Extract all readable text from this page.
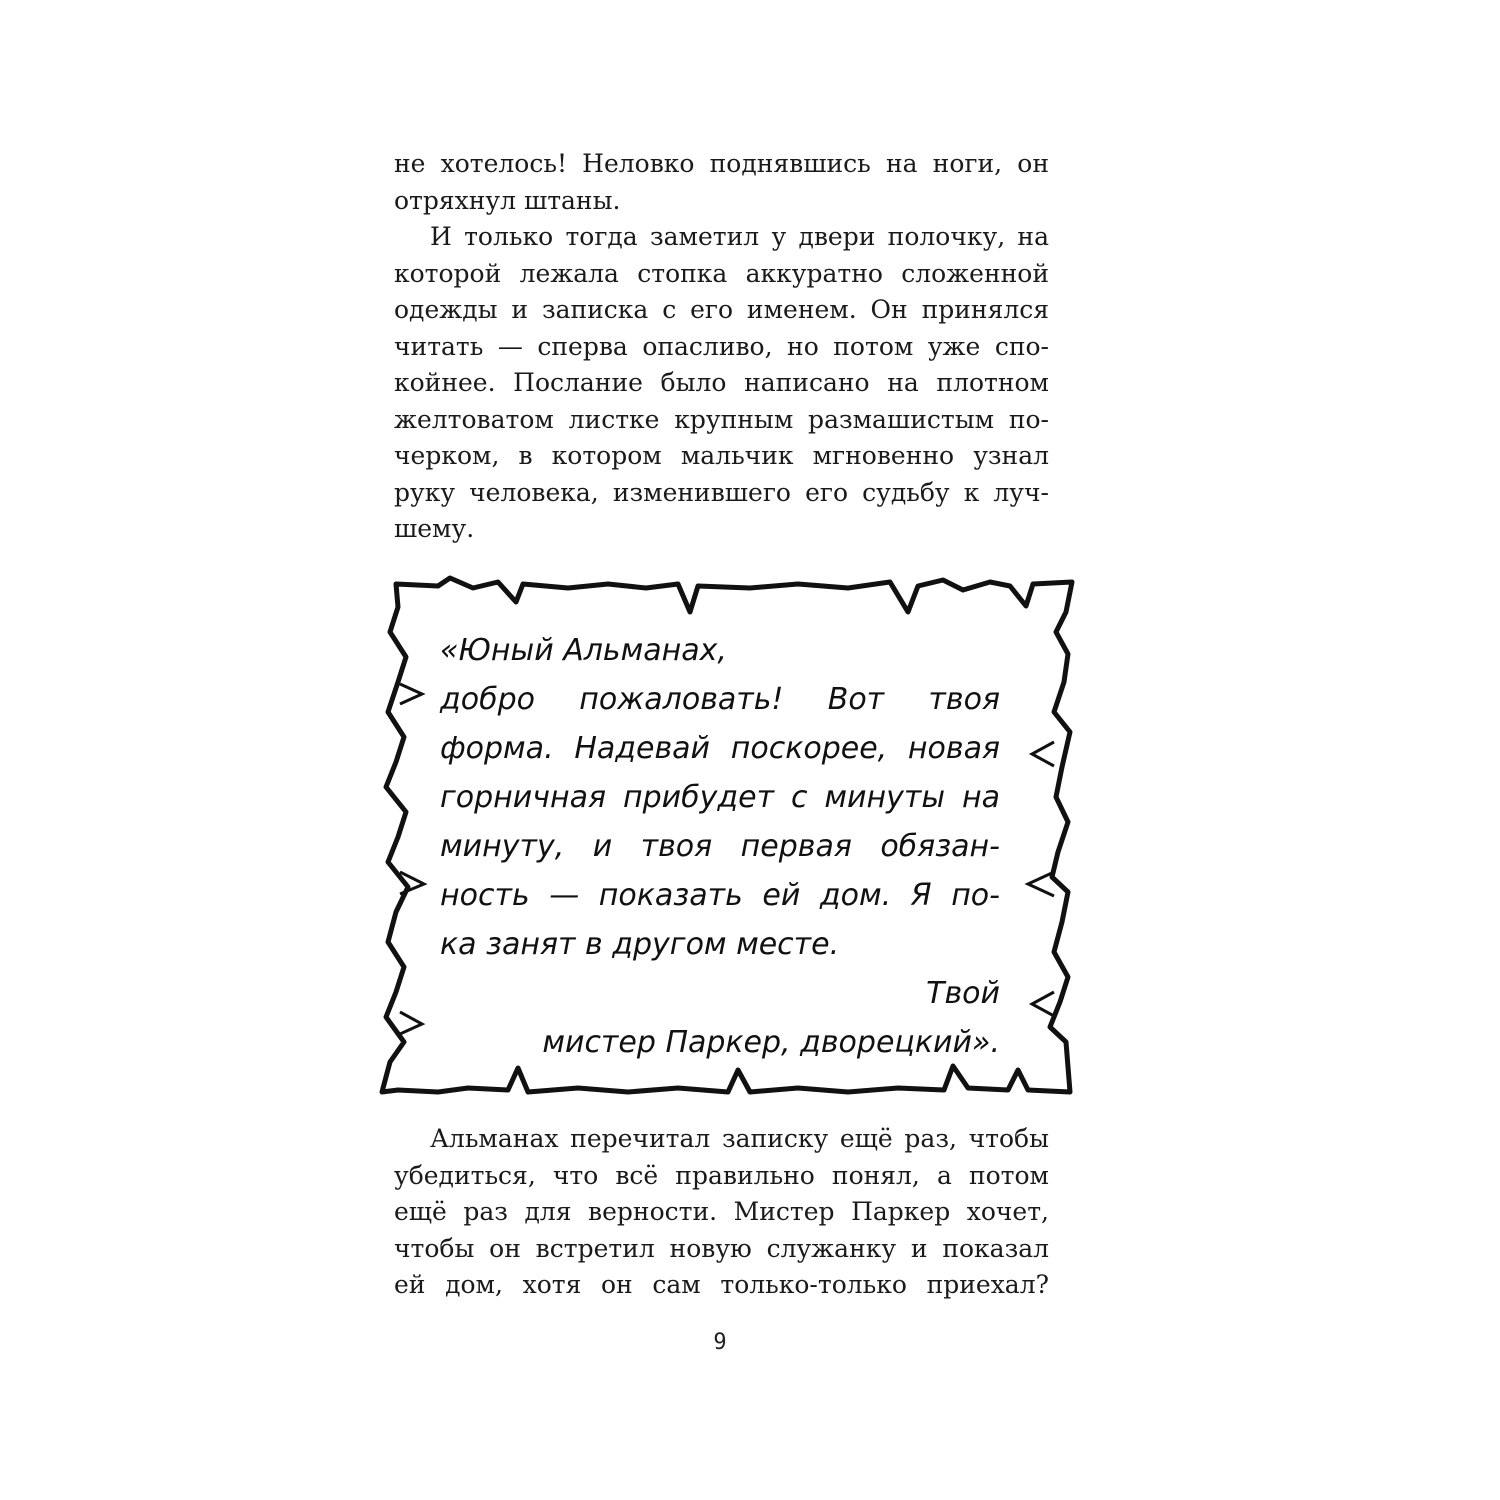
не хотелось! Неловко поднявшись на ноги, он
отряхнул штаны.
И только тогда заметил у двери полочку, на
которой лежала стопка аккуратно сложенной
одежды и записка с его именем. Он принялся
читать — сперва опасливо, но потом уже спо-
койнее. Послание было написано на плотном
желтоватом листке крупным размашистым по-
черком, в котором мальчик мгновенно узнал
руку человека, изменившего его судьбу к луч-
шему.
«Юный Альманах,
добро пожаловать! Вот твоя
форма. Надевай поскорее, новая
горничная прибудет с минуты на
минуту, и твоя первая обязан-
ность — показать ей дом. Я по-
ка занят в другом месте.
Твой
мистер Паркер, дворецкий».
Альманах перечитал записку ещё раз, чтобы
убедиться, что всё правильно понял, а потом
ещё раз для верности. Мистер Паркер хочет,
чтобы он встретил новую служанку и показал
ей дом, хотя он сам только-только приехал?
9
